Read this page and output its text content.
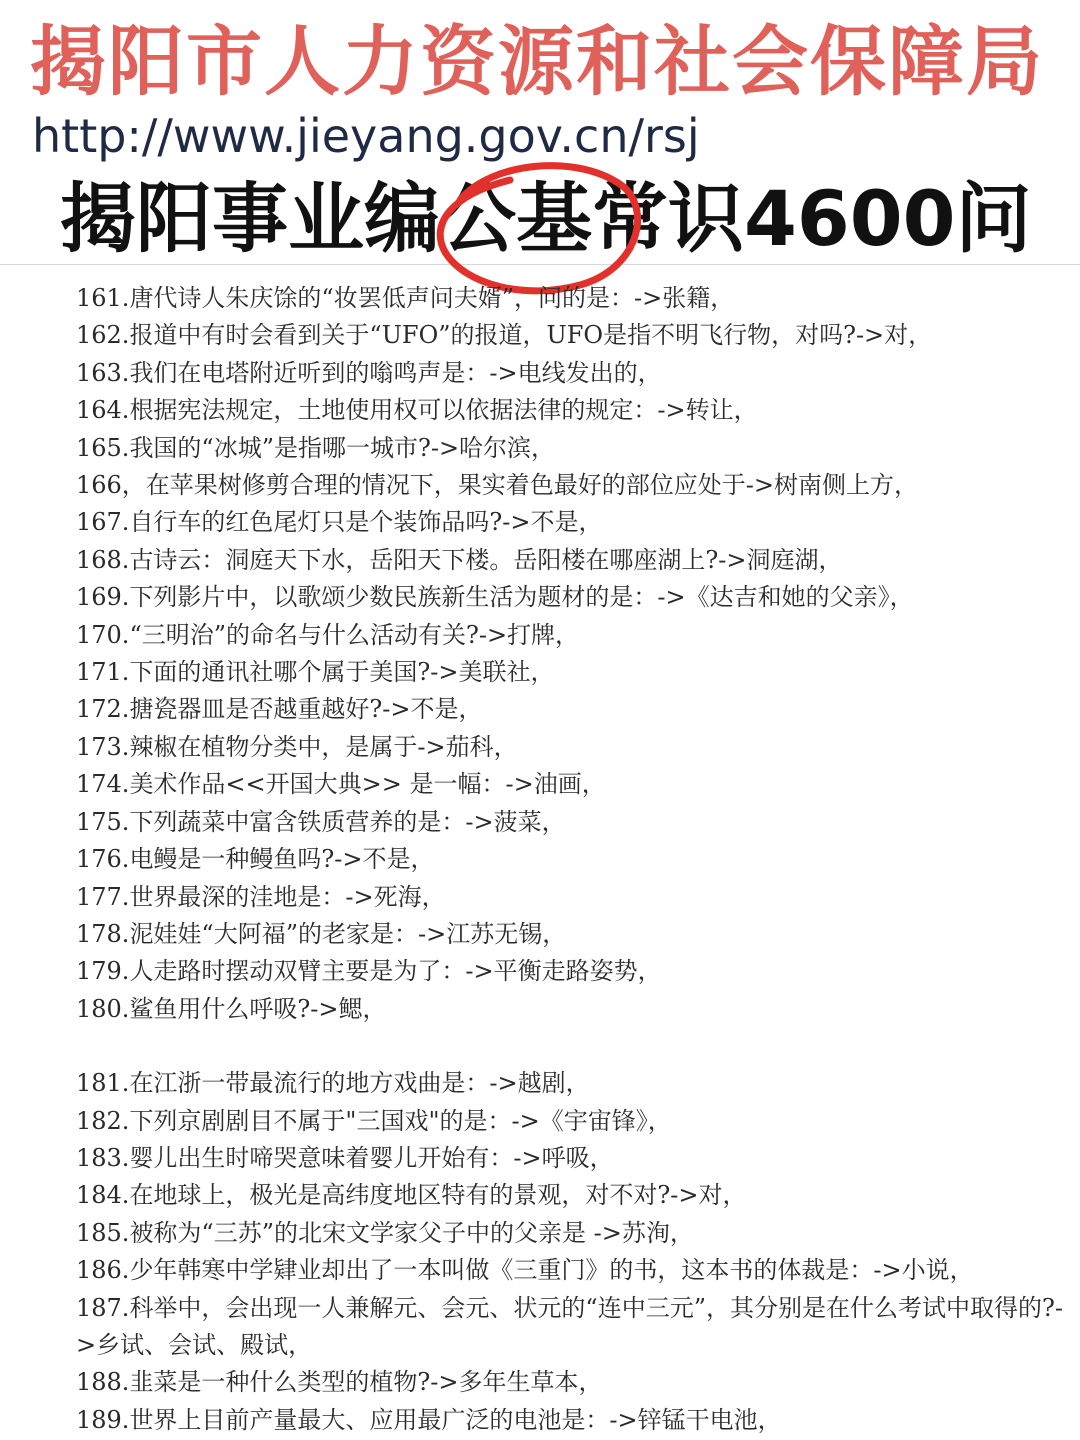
揭阳市人力资源和社会保障局
http://www.jieyang.gov.cn/rsj
揭阳事业编公基常识4600问
161.唐代诗人朱庆馀的“妆罢低声问夫婿”，问的是：->张籍，
162.报道中有时会看到关于“UFO”的报道，UFO是指不明飞行物，对吗?->对，
163.我们在电塔附近听到的嗡鸣声是：->电线发出的，
164.根据宪法规定，土地使用权可以依据法律的规定：->转让，
165.我国的“冰城”是指哪一城市?->哈尔滨，
166，在苹果树修剪合理的情况下，果实着色最好的部位应处于->树南侧上方，
167.自行车的红色尾灯只是个装饰品吗?->不是，
168.古诗云：洞庭天下水，岳阳天下楼。岳阳楼在哪座湖上?->洞庭湖，
169.下列影片中，以歌颂少数民族新生活为题材的是：->《达吉和她的父亲》，
170.“三明治”的命名与什么活动有关?->打牌，
171.下面的通讯社哪个属于美国?->美联社，
172.搪瓷器皿是否越重越好?->不是，
173.辣椒在植物分类中，是属于->茄科，
174.美术作品<<开国大典>> 是一幅：->油画，
175.下列蔬菜中富含铁质营养的是：->菠菜，
176.电鳗是一种鳗鱼吗?->不是，
177.世界最深的洼地是：->死海，
178.泥娃娃“大阿福”的老家是：->江苏无锡，
179.人走路时摆动双臂主要是为了：->平衡走路姿势，
180.鲨鱼用什么呼吸?->鳃，
181.在江浙一带最流行的地方戏曲是：->越剧，
182.下列京剧剧目不属于"三国戏"的是：->《宇宙锋》，
183.婴儿出生时啼哭意味着婴儿开始有：->呼吸，
184.在地球上，极光是高纬度地区特有的景观，对不对?->对，
185.被称为“三苏”的北宋文学家父子中的父亲是 ->苏洵，
186.少年韩寒中学肄业却出了一本叫做《三重门》的书，这本书的体裁是：->小说，
187.科举中，会出现一人兼解元、会元、状元的“连中三元”，其分别是在什么考试中取得的?->乡试、会试、殿试，
188.韭菜是一种什么类型的植物?->多年生草本，
189.世界上目前产量最大、应用最广泛的电池是：->锌锰干电池，
